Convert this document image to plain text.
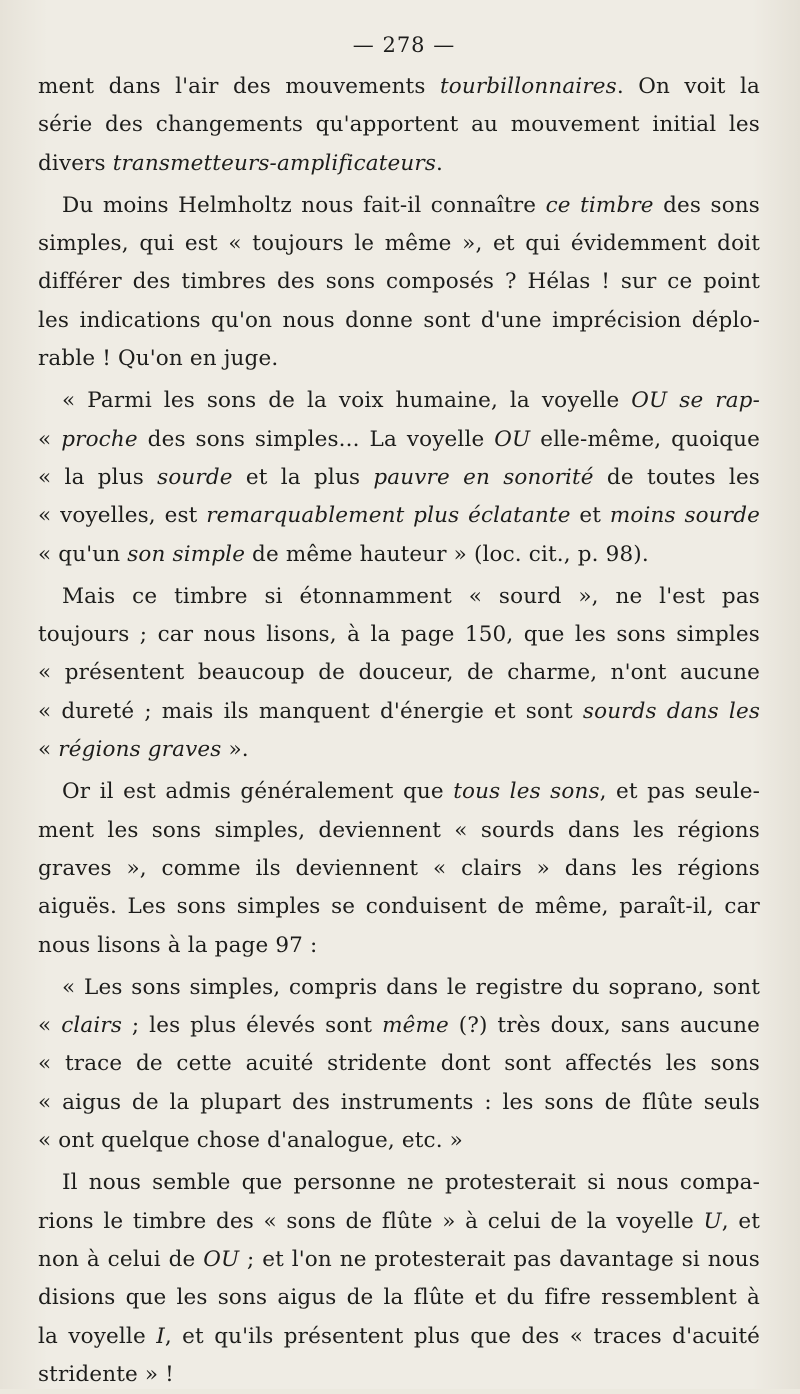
— 278 —
ment dans l'air des mouvements tourbillonnaires. On voit la
série des changements qu'apportent au mouvement initial les
divers transmetteurs-amplificateurs.
Du moins Helmholtz nous fait-il connaître ce timbre des sons
simples, qui est « toujours le même », et qui évidemment doit
différer des timbres des sons composés ? Hélas ! sur ce point
les indications qu'on nous donne sont d'une imprécision déplo-
rable ! Qu'on en juge.
« Parmi les sons de la voix humaine, la voyelle OU se rap-
« proche des sons simples... La voyelle OU elle-même, quoique
« la plus sourde et la plus pauvre en sonorité de toutes les
« voyelles, est remarquablement plus éclatante et moins sourde
« qu'un son simple de même hauteur » (loc. cit., p. 98).
Mais ce timbre si étonnamment « sourd », ne l'est pas
toujours ; car nous lisons, à la page 150, que les sons simples
« présentent beaucoup de douceur, de charme, n'ont aucune
« dureté ; mais ils manquent d'énergie et sont sourds dans les
« régions graves ».
Or il est admis généralement que tous les sons, et pas seule-
ment les sons simples, deviennent « sourds dans les régions
graves », comme ils deviennent « clairs » dans les régions
aiguës. Les sons simples se conduisent de même, paraît-il, car
nous lisons à la page 97 :
« Les sons simples, compris dans le registre du soprano, sont
« clairs ; les plus élevés sont même (?) très doux, sans aucune
« trace de cette acuité stridente dont sont affectés les sons
« aigus de la plupart des instruments : les sons de flûte seuls
« ont quelque chose d'analogue, etc. »
Il nous semble que personne ne protesterait si nous compa-
rions le timbre des « sons de flûte » à celui de la voyelle U, et
non à celui de OU ; et l'on ne protesterait pas davantage si nous
disions que les sons aigus de la flûte et du fifre ressemblent à
la voyelle I, et qu'ils présentent plus que des « traces d'acuité
stridente » !
